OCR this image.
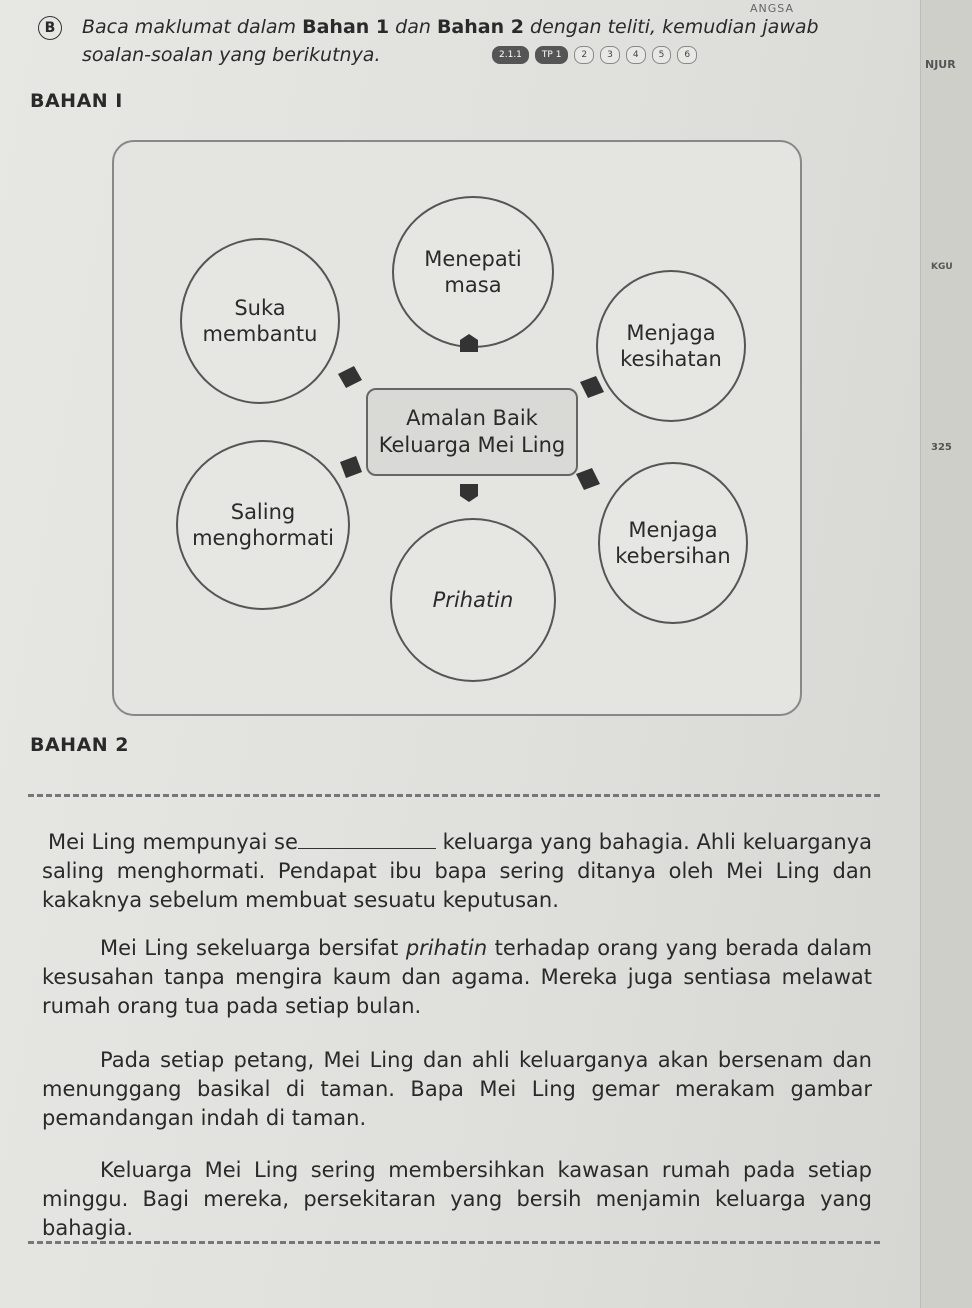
ANGSA
B	Baca maklumat dalam Bahan 1 dan Bahan 2 dengan teliti, kemudian jawab
soalan-soalan yang berikutnya.	2.1.1	TP 1	2	3	4	5	6
BAHAN I
Suka
membantu
Menepati
masa
Menjaga
kesihatan
Saling
menghormati
Prihatin
Menjaga
kebersihan
Amalan Baik
Keluarga Mei Ling
BAHAN 2
Mei Ling mempunyai se	keluarga yang bahagia. Ahli keluarganya saling menghormati. Pendapat ibu bapa sering ditanya oleh Mei Ling dan kakaknya sebelum membuat sesuatu keputusan.
Mei Ling sekeluarga bersifat prihatin terhadap orang yang berada dalam kesusahan tanpa mengira kaum dan agama. Mereka juga sentiasa melawat rumah orang tua pada setiap bulan.
Pada setiap petang, Mei Ling dan ahli keluarganya akan bersenam dan menunggang basikal di taman. Bapa Mei Ling gemar merakam gambar pemandangan indah di taman.
Keluarga Mei Ling sering membersihkan kawasan rumah pada setiap minggu. Bagi mereka, persekitaran yang bersih menjamin keluarga yang bahagia.
NJUR
KGU
325
